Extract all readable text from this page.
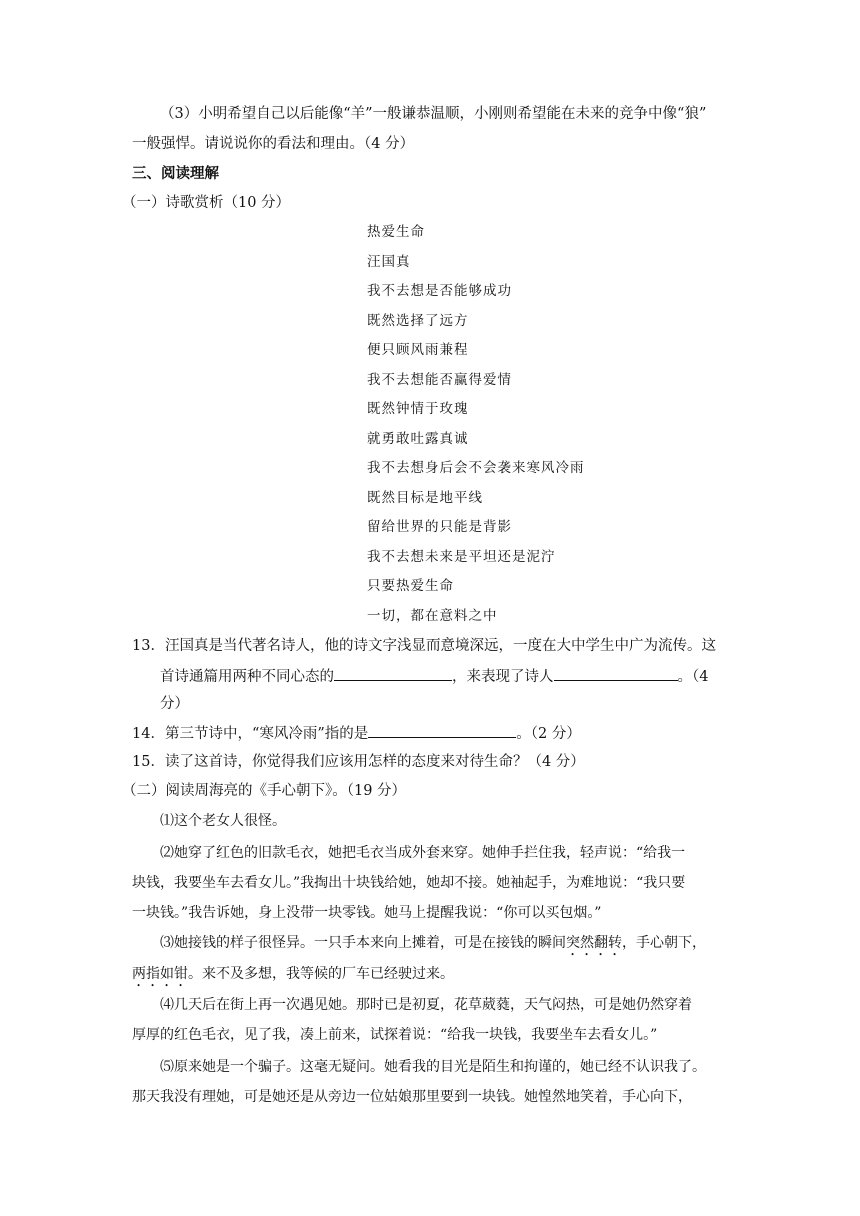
（3）小明希望自己以后能像“羊”一般谦恭温顺，小刚则希望能在未来的竞争中像“狼”
一般强悍。请说说你的看法和理由。（4 分）
三、阅读理解
（一）诗歌赏析（10 分）
热爱生命
汪国真
我不去想是否能够成功
既然选择了远方
便只顾风雨兼程
我不去想能否赢得爱情
既然钟情于玫瑰
就勇敢吐露真诚
我不去想身后会不会袭来寒风冷雨
既然目标是地平线
留给世界的只能是背影
我不去想未来是平坦还是泥泞
只要热爱生命
一切，都在意料之中
13．汪国真是当代著名诗人，他的诗文字浅显而意境深远，一度在大中学生中广为流传。这
首诗通篇用两种不同心态的	，来表现了诗人	。（4
分）
14．第三节诗中，“寒风冷雨”指的是	。（2 分）
15．读了这首诗，你觉得我们应该用怎样的态度来对待生命？（4 分）
（二）阅读周海亮的《手心朝下》。（19 分）
⑴这个老女人很怪。
⑵她穿了红色的旧款毛衣，她把毛衣当成外套来穿。她伸手拦住我，轻声说：“给我一
块钱，我要坐车去看女儿。”我掏出十块钱给她，她却不接。她袖起手，为难地说：“我只要
一块钱。”我告诉她，身上没带一块零钱。她马上提醒我说：“你可以买包烟。”
⑶她接钱的样子很怪异。一只手本来向上摊着，可是在接钱的瞬间突然翻转，手心朝下，
两指如钳。来不及多想，我等候的厂车已经驶过来。
⑷几天后在街上再一次遇见她。那时已是初夏，花草葳蕤，天气闷热，可是她仍然穿着
厚厚的红色毛衣，见了我，凑上前来，试探着说：“给我一块钱，我要坐车去看女儿。”
⑸原来她是一个骗子。这毫无疑问。她看我的目光是陌生和拘谨的，她已经不认识我了。
那天我没有理她，可是她还是从旁边一位姑娘那里要到一块钱。她惶然地笑着，手心向下，
